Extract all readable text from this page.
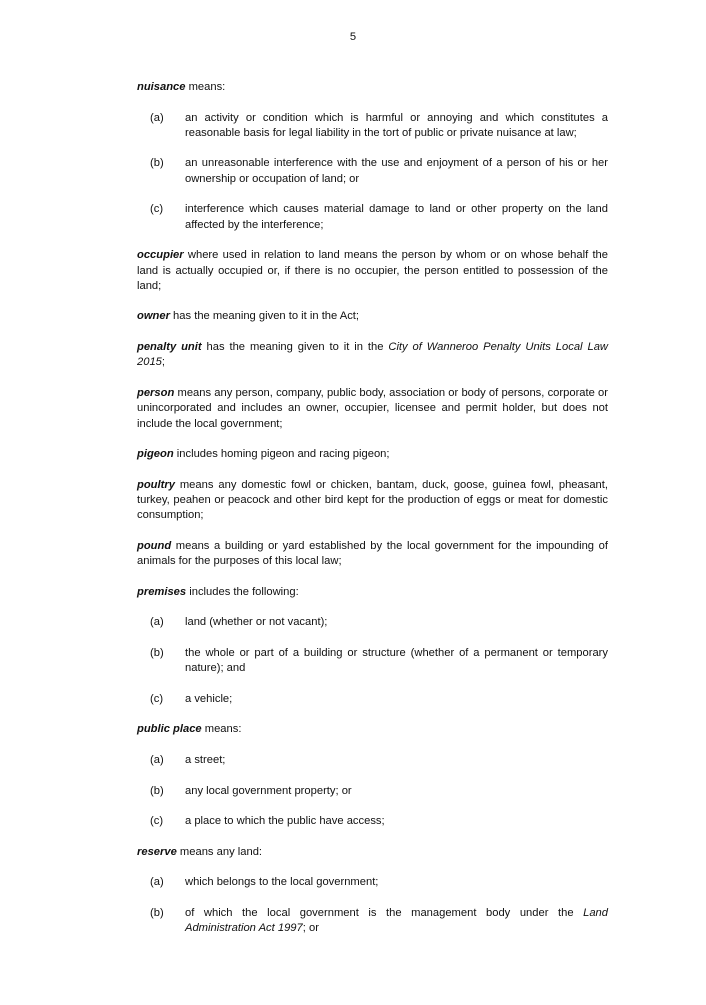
5
nuisance means:
(a)	an activity or condition which is harmful or annoying and which constitutes a reasonable basis for legal liability in the tort of public or private nuisance at law;
(b)	an unreasonable interference with the use and enjoyment of a person of his or her ownership or occupation of land; or
(c)	interference which causes material damage to land or other property on the land affected by the interference;
occupier where used in relation to land means the person by whom or on whose behalf the land is actually occupied or, if there is no occupier, the person entitled to possession of the land;
owner has the meaning given to it in the Act;
penalty unit has the meaning given to it in the City of Wanneroo Penalty Units Local Law 2015;
person means any person, company, public body, association or body of persons, corporate or unincorporated and includes an owner, occupier, licensee and permit holder, but does not include the local government;
pigeon includes homing pigeon and racing pigeon;
poultry means any domestic fowl or chicken, bantam, duck, goose, guinea fowl, pheasant, turkey, peahen or peacock and other bird kept for the production of eggs or meat for domestic consumption;
pound means a building or yard established by the local government for the impounding of animals for the purposes of this local law;
premises includes the following:
(a)	land (whether or not vacant);
(b)	the whole or part of a building or structure (whether of a permanent or temporary nature); and
(c)	a vehicle;
public place means:
(a)	a street;
(b)	any local government property; or
(c)	a place to which the public have access;
reserve means any land:
(a)	which belongs to the local government;
(b)	of which the local government is the management body under the Land Administration Act 1997; or
